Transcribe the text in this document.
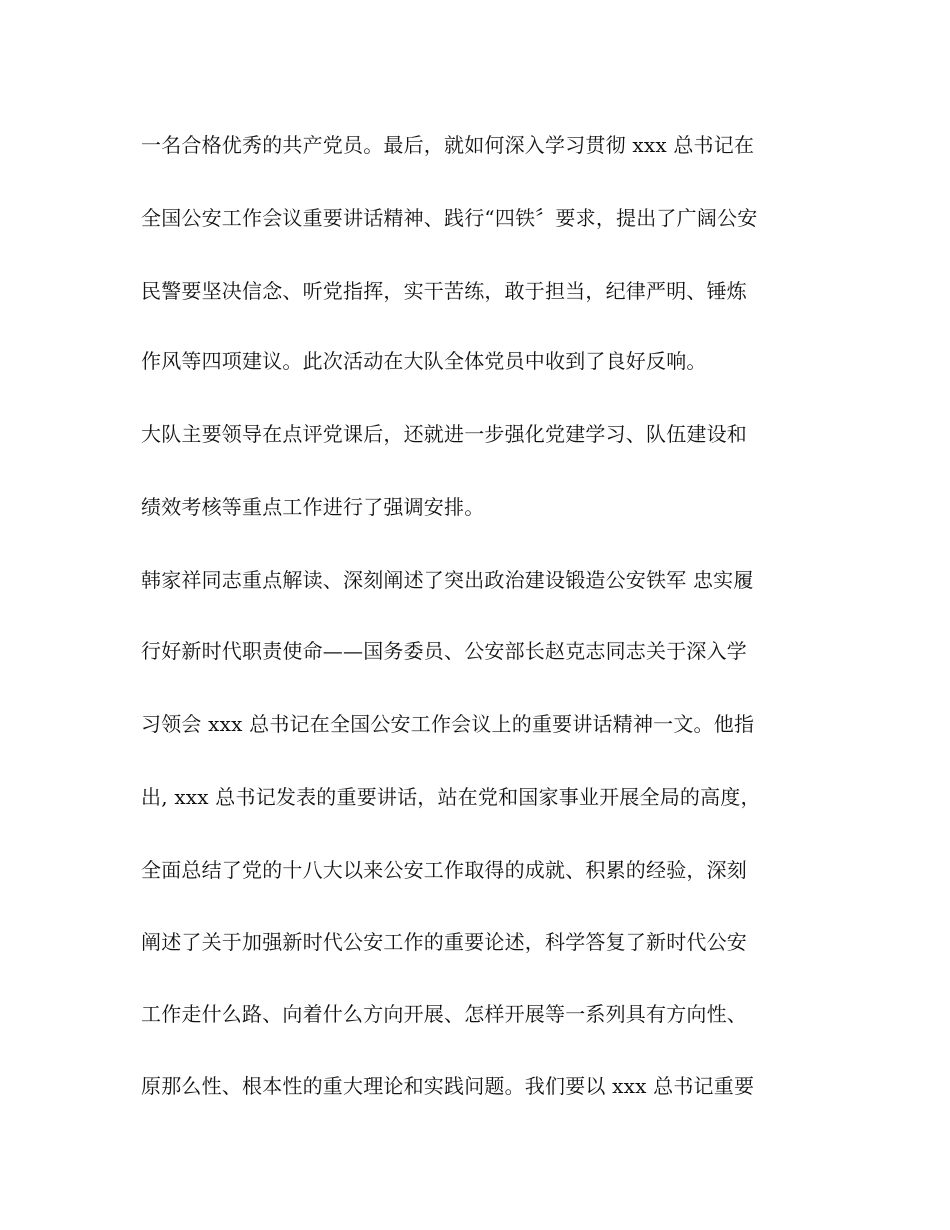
一名合格优秀的共产党员。最后，就如何深入学习贯彻 xxx 总书记在
全国公安工作会议重要讲话精神、践行“四铁〞要求，提出了广阔公安
民警要坚决信念、听党指挥，实干苦练，敢于担当，纪律严明、锤炼
作风等四项建议。此次活动在大队全体党员中收到了良好反响。
大队主要领导在点评党课后，还就进一步强化党建学习、队伍建设和
绩效考核等重点工作进行了强调安排。
韩家祥同志重点解读、深刻阐述了突出政治建设锻造公安铁军 忠实履
行好新时代职责使命——国务委员、公安部长赵克志同志关于深入学
习领会 xxx 总书记在全国公安工作会议上的重要讲话精神一文。他指
出, xxx 总书记发表的重要讲话，站在党和国家事业开展全局的高度，
全面总结了党的十八大以来公安工作取得的成就、积累的经验，深刻
阐述了关于加强新时代公安工作的重要论述，科学答复了新时代公安
工作走什么路、向着什么方向开展、怎样开展等一系列具有方向性、
原那么性、根本性的重大理论和实践问题。我们要以 xxx 总书记重要
